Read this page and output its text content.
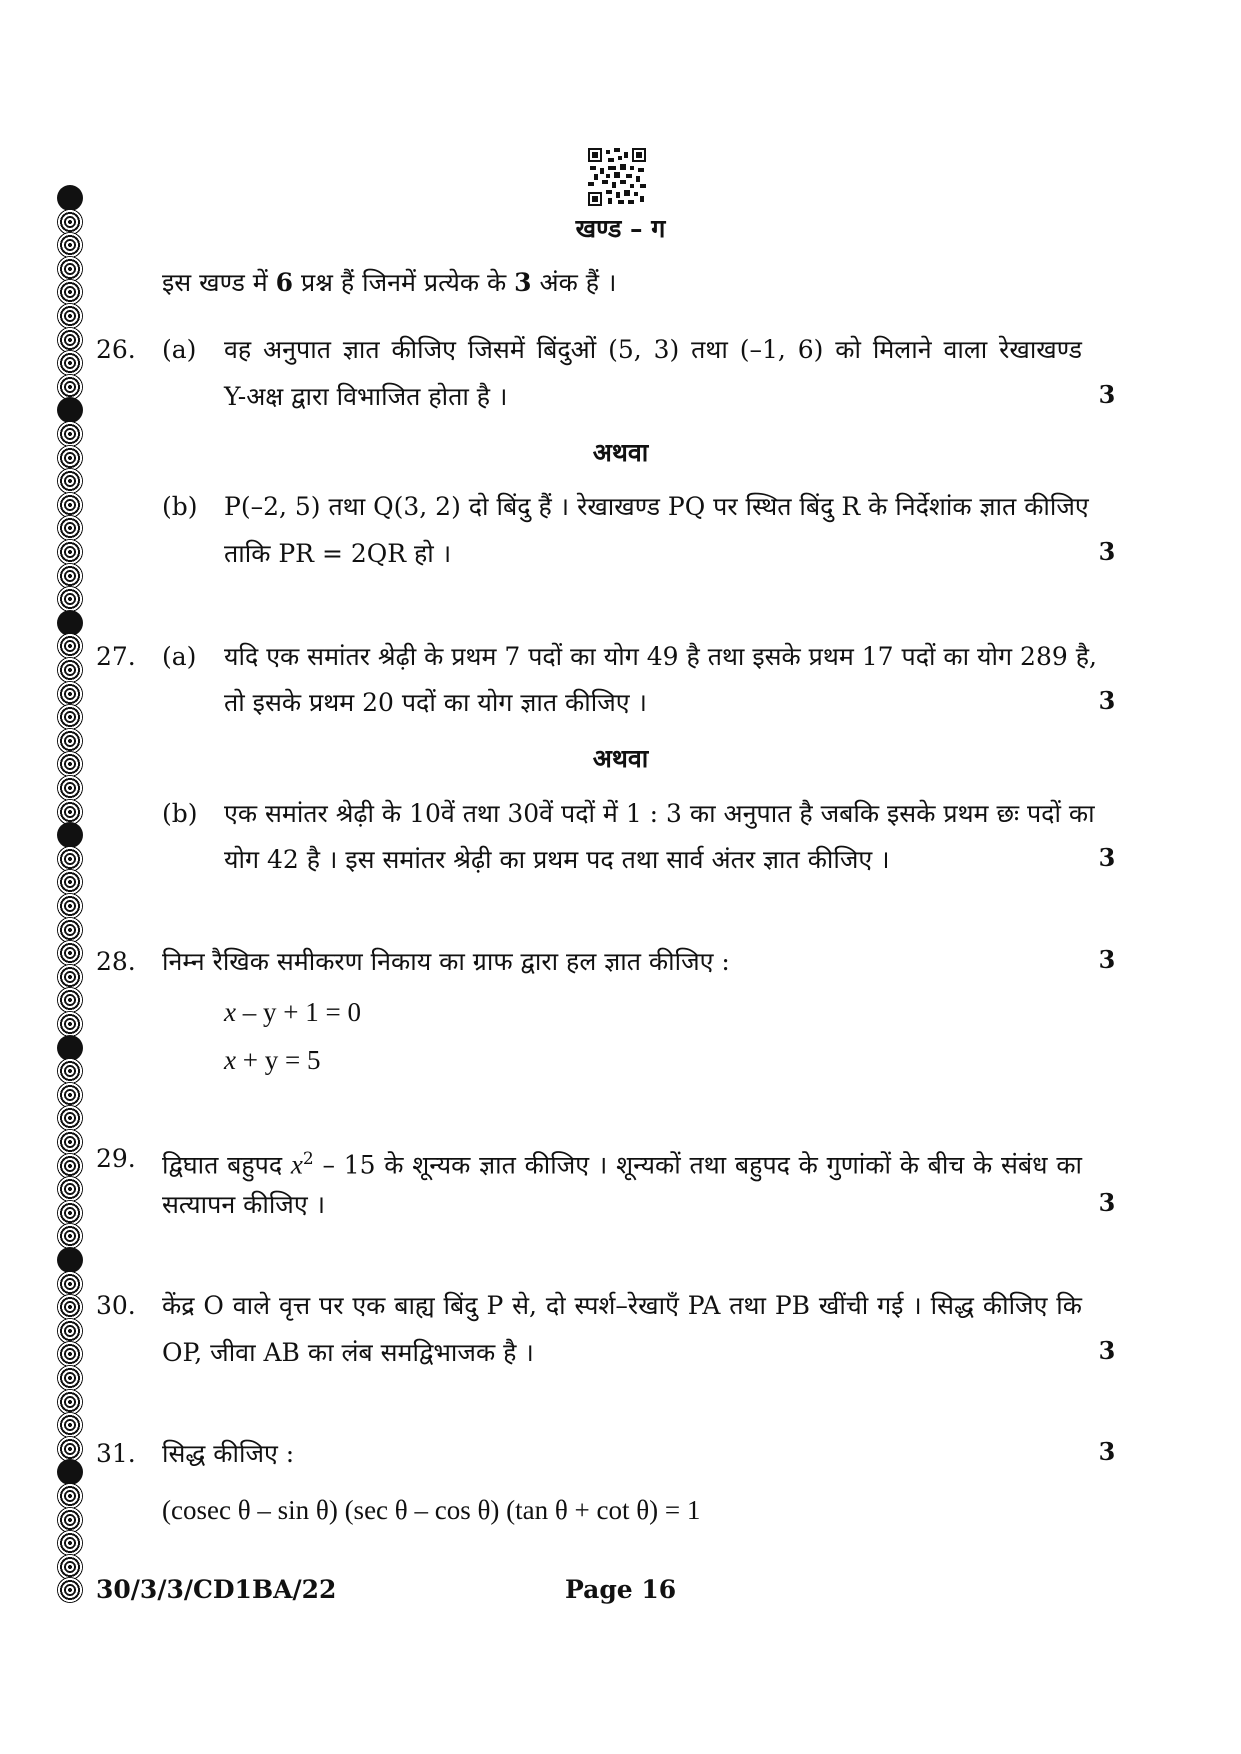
खण्ड – ग
इस खण्ड में 6 प्रश्न हैं जिनमें प्रत्येक के 3 अंक हैं ।
26. (a) वह अनुपात ज्ञात कीजिए जिसमें बिंदुओं (5, 3) तथा (–1, 6) को मिलाने वाला रेखाखण्ड
Y-अक्ष द्वारा विभाजित होता है ।	3
अथवा
(b) P(–2, 5) तथा Q(3, 2) दो बिंदु हैं । रेखाखण्ड PQ पर स्थित बिंदु R के निर्देशांक ज्ञात कीजिए
ताकि PR = 2QR हो ।	3
27. (a) यदि एक समांतर श्रेढ़ी के प्रथम 7 पदों का योग 49 है तथा इसके प्रथम 17 पदों का योग 289 है,
तो इसके प्रथम 20 पदों का योग ज्ञात कीजिए ।	3
अथवा
(b) एक समांतर श्रेढ़ी के 10वें तथा 30वें पदों में 1 : 3 का अनुपात है जबकि इसके प्रथम छः पदों का
योग 42 है । इस समांतर श्रेढ़ी का प्रथम पद तथा सार्व अंतर ज्ञात कीजिए ।	3
28. निम्न रैखिक समीकरण निकाय का ग्राफ द्वारा हल ज्ञात कीजिए :	3
x – y + 1 = 0
x + y = 5
29. द्विघात बहुपद $x^2 - 15$ के शून्यक ज्ञात कीजिए । शून्यकों तथा बहुपद के गुणांकों के बीच के संबंध का
सत्यापन कीजिए ।	3
30. केंद्र O वाले वृत्त पर एक बाह्य बिंदु P से, दो स्पर्श–रेखाएँ PA तथा PB खींची गई । सिद्ध कीजिए कि
OP, जीवा AB का लंब समद्विभाजक है ।	3
31. सिद्ध कीजिए :	3
(cosec θ – sin θ) (sec θ – cos θ) (tan θ + cot θ) = 1
30/3/3/CD1BA/22	Page 16
